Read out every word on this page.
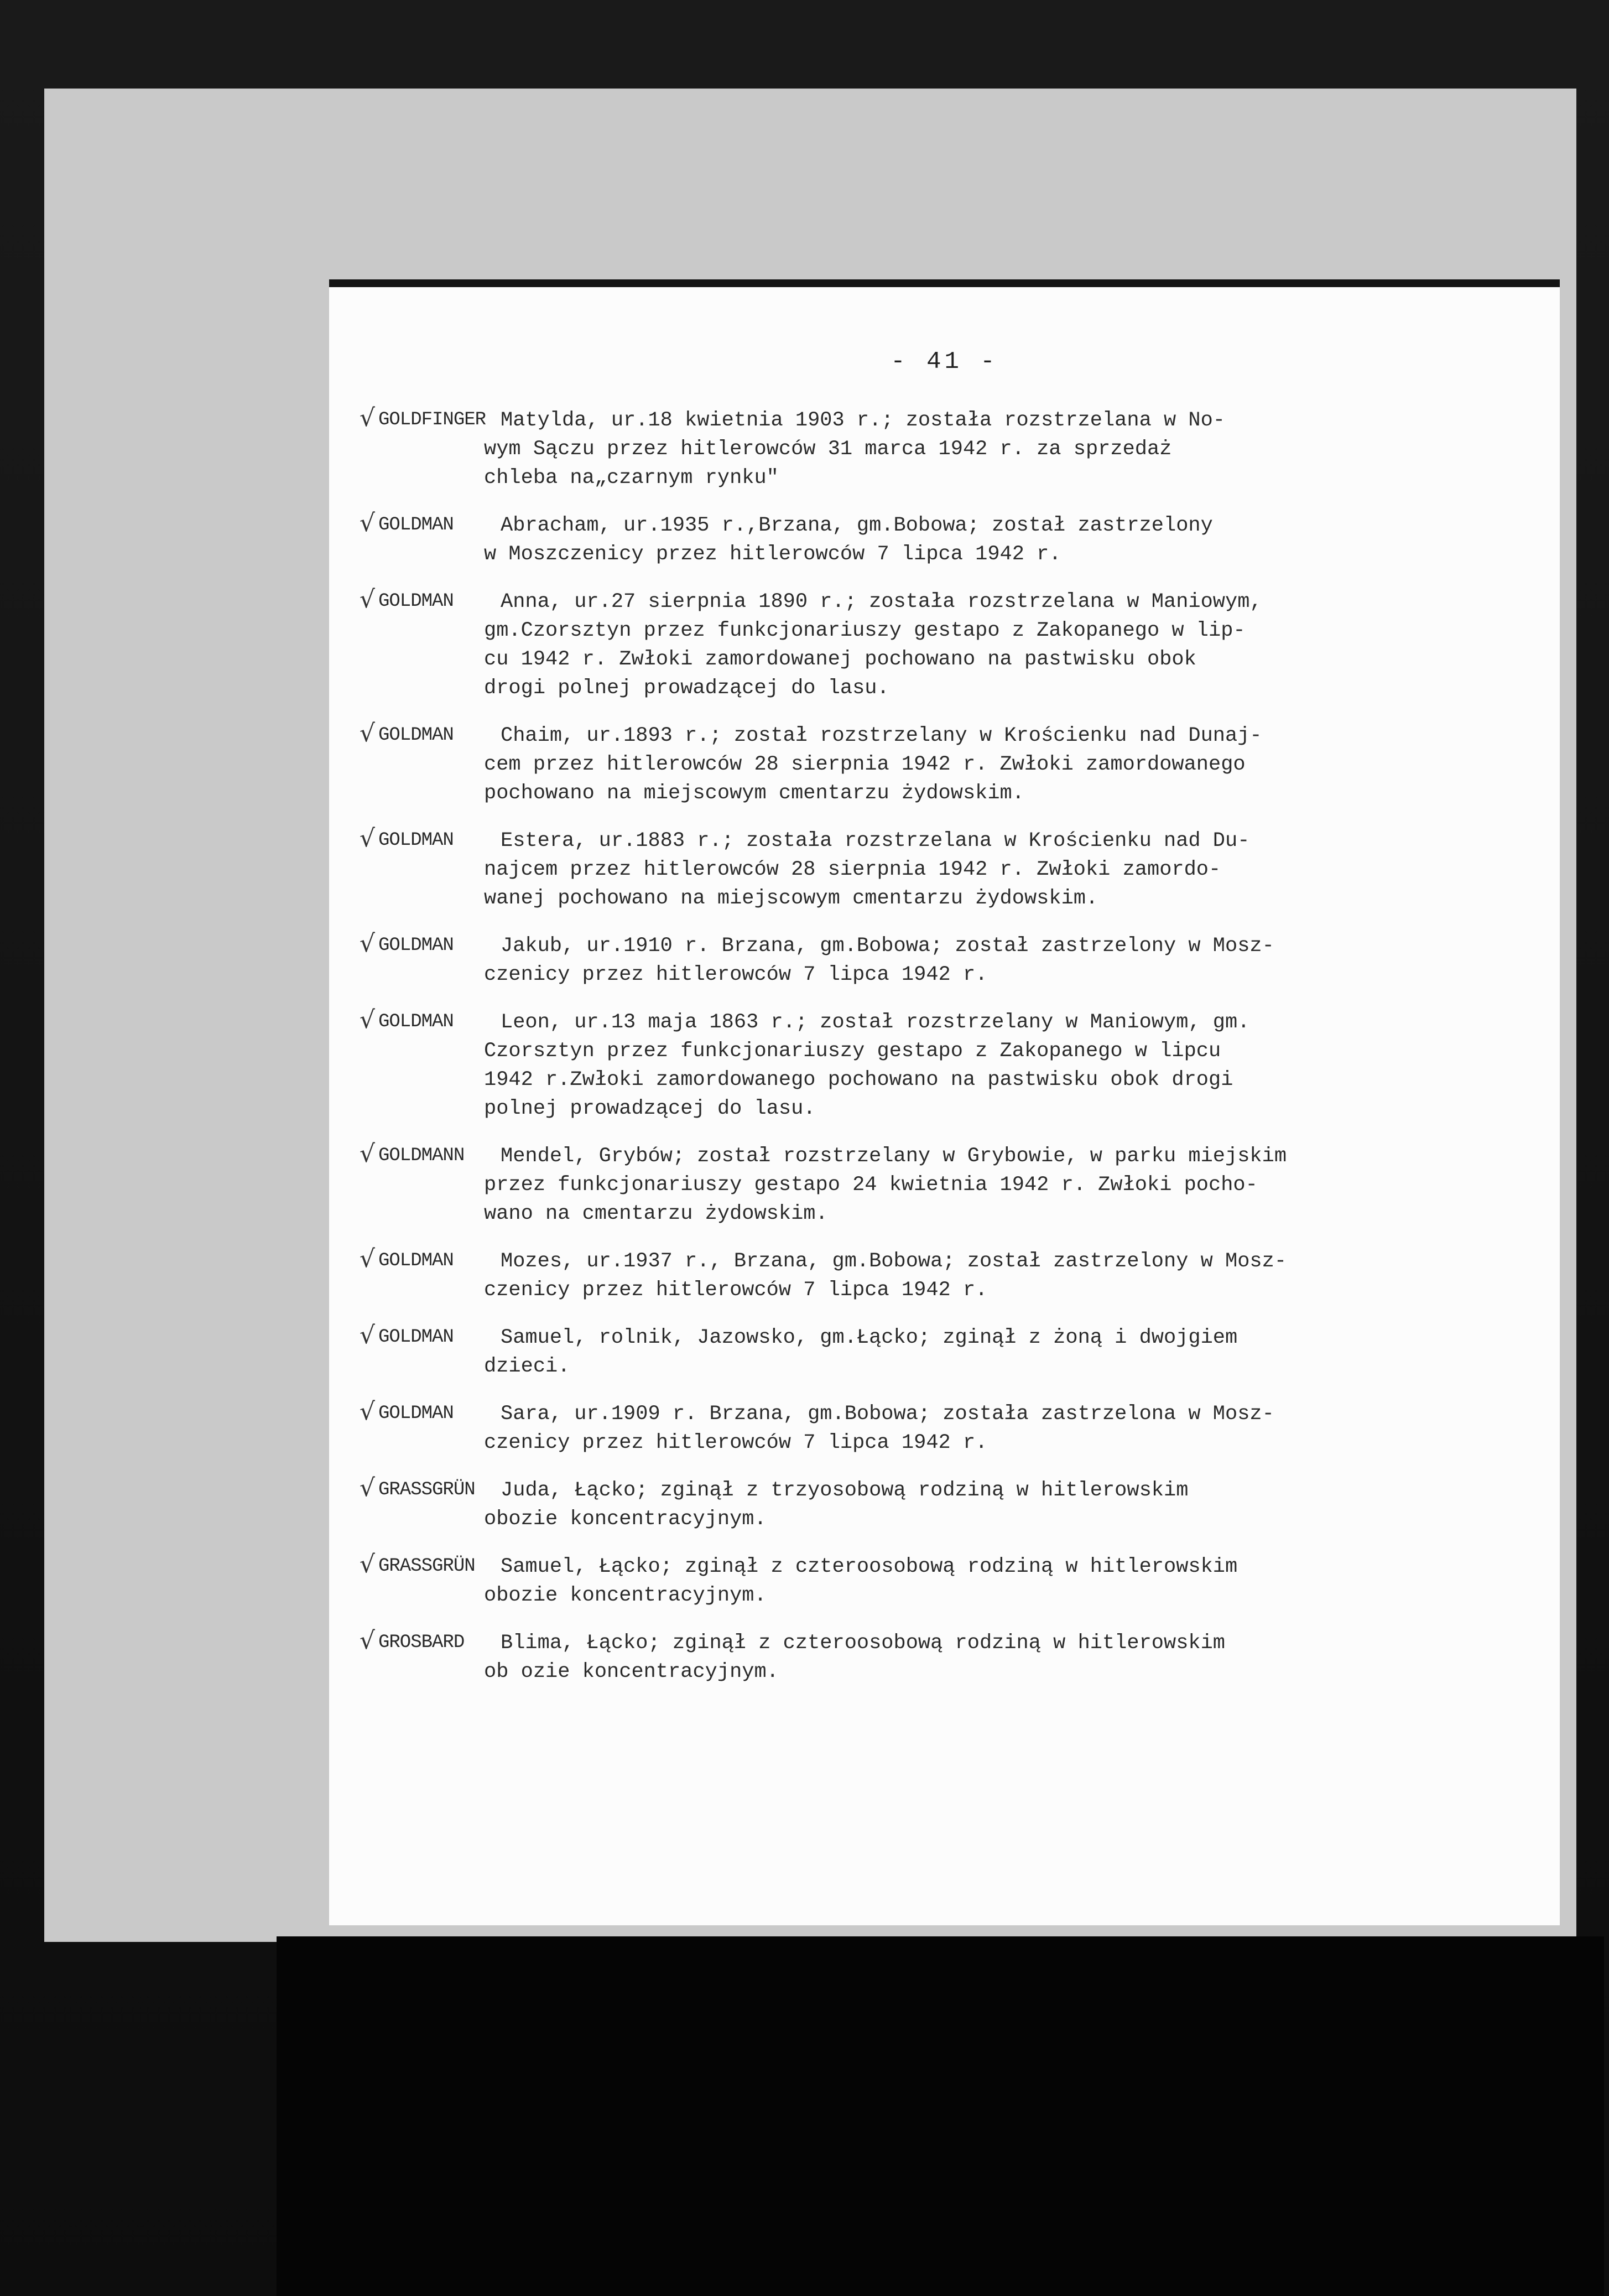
- 41 -
√ GOLDFINGER Matylda, ur.18 kwietnia 1903 r.; została rozstrzelana w No-
wym Sączu przez hitlerowców 31 marca 1942 r. za sprzedaż
chleba na„czarnym rynku"
√ GOLDMAN	Abracham, ur.1935 r.,Brzana, gm.Bobowa; został zastrzelony
w Moszczenicy przez hitlerowców 7 lipca 1942 r.
√ GOLDMAN	Anna, ur.27 sierpnia 1890 r.; została rozstrzelana w Maniowym,
gm.Czorsztyn przez funkcjonariuszy gestapo z Zakopanego w lip-
cu 1942 r. Zwłoki zamordowanej pochowano na pastwisku obok
drogi polnej prowadzącej do lasu.
√ GOLDMAN	Chaim, ur.1893 r.; został rozstrzelany w Krościenku nad Dunaj-
cem przez hitlerowców 28 sierpnia 1942 r. Zwłoki zamordowanego
pochowano na miejscowym cmentarzu żydowskim.
√ GOLDMAN	Estera, ur.1883 r.; została rozstrzelana w Krościenku nad Du-
najcem przez hitlerowców 28 sierpnia 1942 r. Zwłoki zamordo-
wanej pochowano na miejscowym cmentarzu żydowskim.
√ GOLDMAN	Jakub, ur.1910 r. Brzana, gm.Bobowa; został zastrzelony w Mosz-
czenicy przez hitlerowców 7 lipca 1942 r.
√ GOLDMAN	Leon, ur.13 maja 1863 r.; został rozstrzelany w Maniowym, gm.
Czorsztyn przez funkcjonariuszy gestapo z Zakopanego w lipcu
1942 r.Zwłoki zamordowanego pochowano na pastwisku obok drogi
polnej prowadzącej do lasu.
√ GOLDMANN	Mendel, Grybów; został rozstrzelany w Grybowie, w parku miejskim
przez funkcjonariuszy gestapo 24 kwietnia 1942 r. Zwłoki pocho-
wano na cmentarzu żydowskim.
√ GOLDMAN	Mozes, ur.1937 r., Brzana, gm.Bobowa; został zastrzelony w Mosz-
czenicy przez hitlerowców 7 lipca 1942 r.
√ GOLDMAN	Samuel, rolnik, Jazowsko, gm.Łącko; zginął z żoną i dwojgiem
dzieci.
√ GOLDMAN	Sara, ur.1909 r. Brzana, gm.Bobowa; została zastrzelona w Mosz-
czenicy przez hitlerowców 7 lipca 1942 r.
√ GRASSGRÜN	Juda, Łącko; zginął z trzyosobową rodziną w hitlerowskim
obozie koncentracyjnym.
√ GRASSGRÜN	Samuel, Łącko; zginął z czteroosobową rodziną w hitlerowskim
obozie koncentracyjnym.
√ GROSBARD	Blima, Łącko; zginął z czteroosobową rodziną w hitlerowskim
ob ozie koncentracyjnym.
